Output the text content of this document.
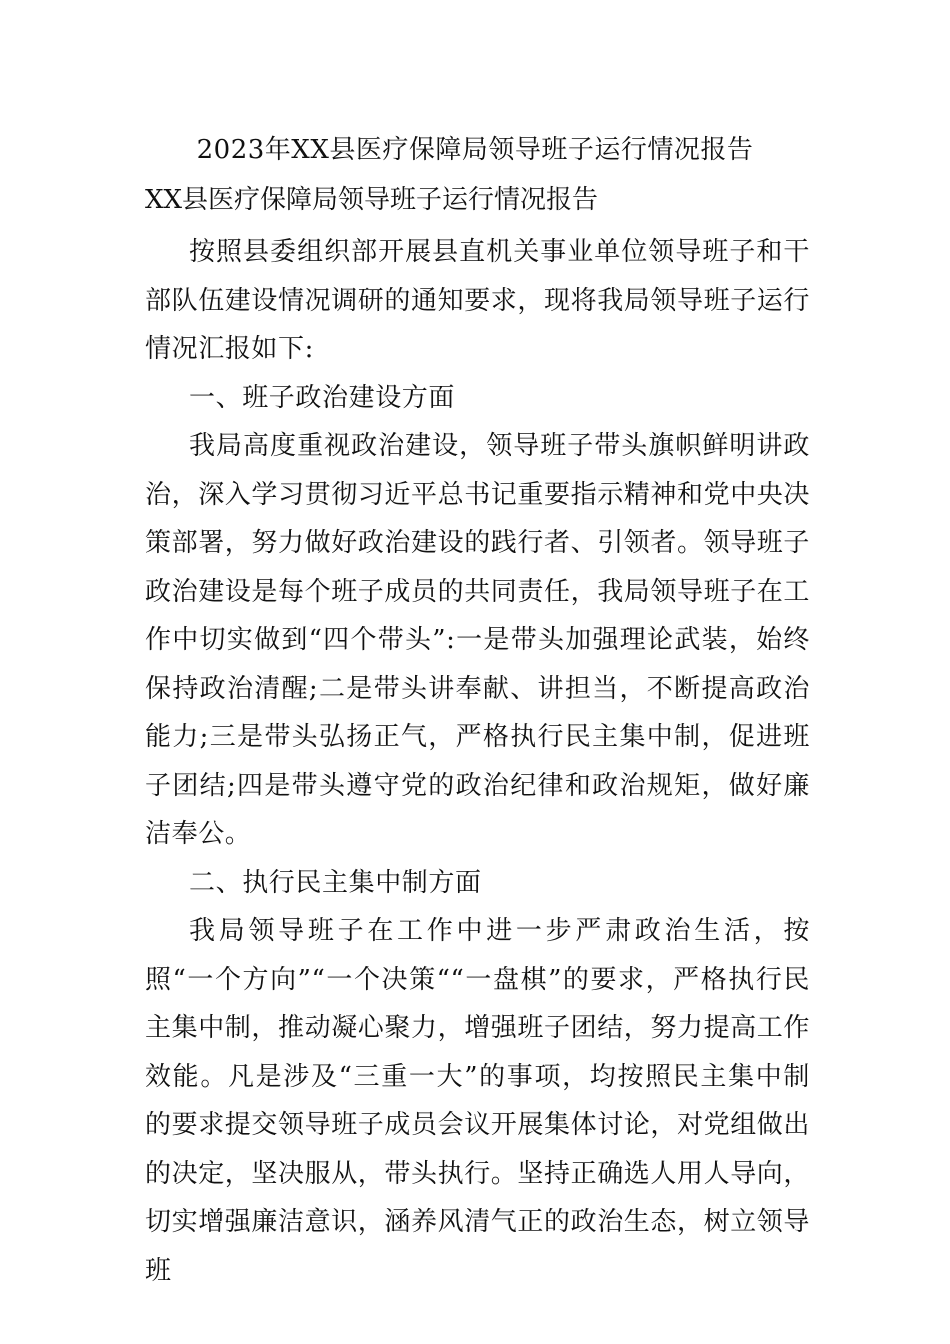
2023年XX县医疗保障局领导班子运行情况报告
XX县医疗保障局领导班子运行情况报告

按照县委组织部开展县直机关事业单位领导班子和干部队伍建设情况调研的通知要求，现将我局领导班子运行情况汇报如下:

一、班子政治建设方面

我局高度重视政治建设，领导班子带头旗帜鲜明讲政治，深入学习贯彻习近平总书记重要指示精神和党中央决策部署，努力做好政治建设的践行者、引领者。领导班子政治建设是每个班子成员的共同责任，我局领导班子在工作中切实做到“四个带头”:一是带头加强理论武装，始终保持政治清醒;二是带头讲奉献、讲担当，不断提高政治能力;三是带头弘扬正气，严格执行民主集中制，促进班子团结;四是带头遵守党的政治纪律和政治规矩，做好廉洁奉公。

二、执行民主集中制方面

我局领导班子在工作中进一步严肃政治生活，按照“一个方向”“一个决策““一盘棋”的要求，严格执行民主集中制，推动凝心聚力，增强班子团结，努力提高工作效能。凡是涉及“三重一大”的事项，均按照民主集中制的要求提交领导班子成员会议开展集体讨论，对党组做出的决定，坚决服从，带头执行。坚持正确选人用人导向，切实增强廉洁意识，涵养风清气正的政治生态，树立领导班
